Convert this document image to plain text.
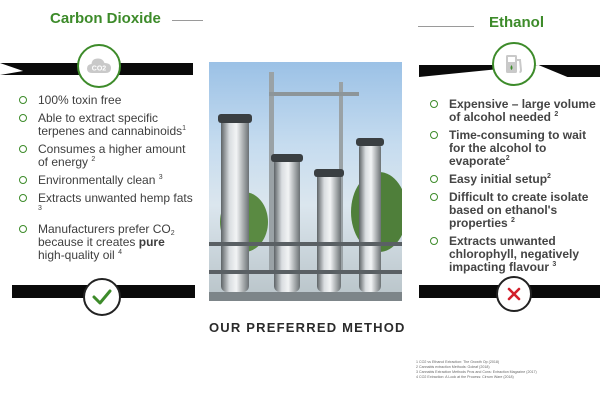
Carbon Dioxide
CO2
100% toxin free
Able to extract specific terpenes and cannabinoids$^1$
Consumes a higher amount of energy $^2$
Environmentally clean $^3$
Extracts unwanted hemp fats $^3$
Manufacturers prefer $CO_2$ because it creates pure high-quality oil $^4$
OUR PREFERRED METHOD
Ethanol
Expensive – large volume of alcohol needed $^2$
Time-consuming to wait for the alcohol to evaporate$^2$
Easy initial setup$^2$
Difficult to create isolate based on ethanol's properties $^2$
Extracts unwanted chlorophyll, negatively impacting flavour $^3$
1 CO2 vs Ethanol Extraction: The Growth Op (2018)
2 Cannabis extraction Methods: Goleaf (2018)
3 Cannabis Extraction Methods Pros and Cons: Extraction Magazine (2017)
4 CO2 Extraction: A Look at the Process: Cirrum Ware (2018)
